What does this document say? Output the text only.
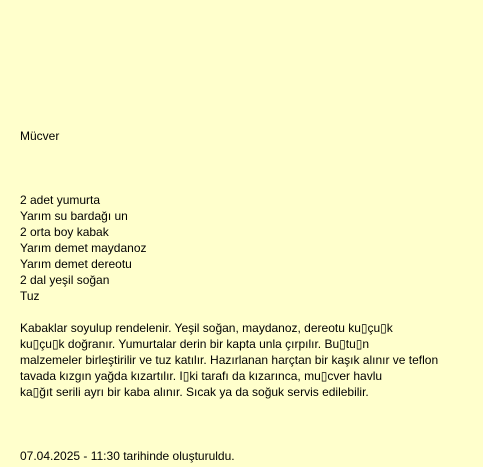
Mücver
2 adet yumurta
Yarım su bardağı un
2 orta boy kabak
Yarım demet maydanoz
Yarım demet dereotu
2 dal yeşil soğan
Tuz

Kabaklar soyulup rendelenir. Yeşil soğan, maydanoz, dereotu ku▯çu▯k
ku▯çu▯k doğranır. Yumurtalar derin bir kapta unla çırpılır. Bu▯tu▯n
malzemeler birleştirilir ve tuz katılır. Hazırlanan harçtan bir kaşık alınır ve teflon
tavada kızgın yağda kızartılır. I▯ki tarafı da kızarınca, mu▯cver havlu
ka▯ğıt serili ayrı bir kaba alınır. Sıcak ya da soğuk servis edilebilir.

07.04.2025 - 11:30 tarihinde oluşturuldu.
